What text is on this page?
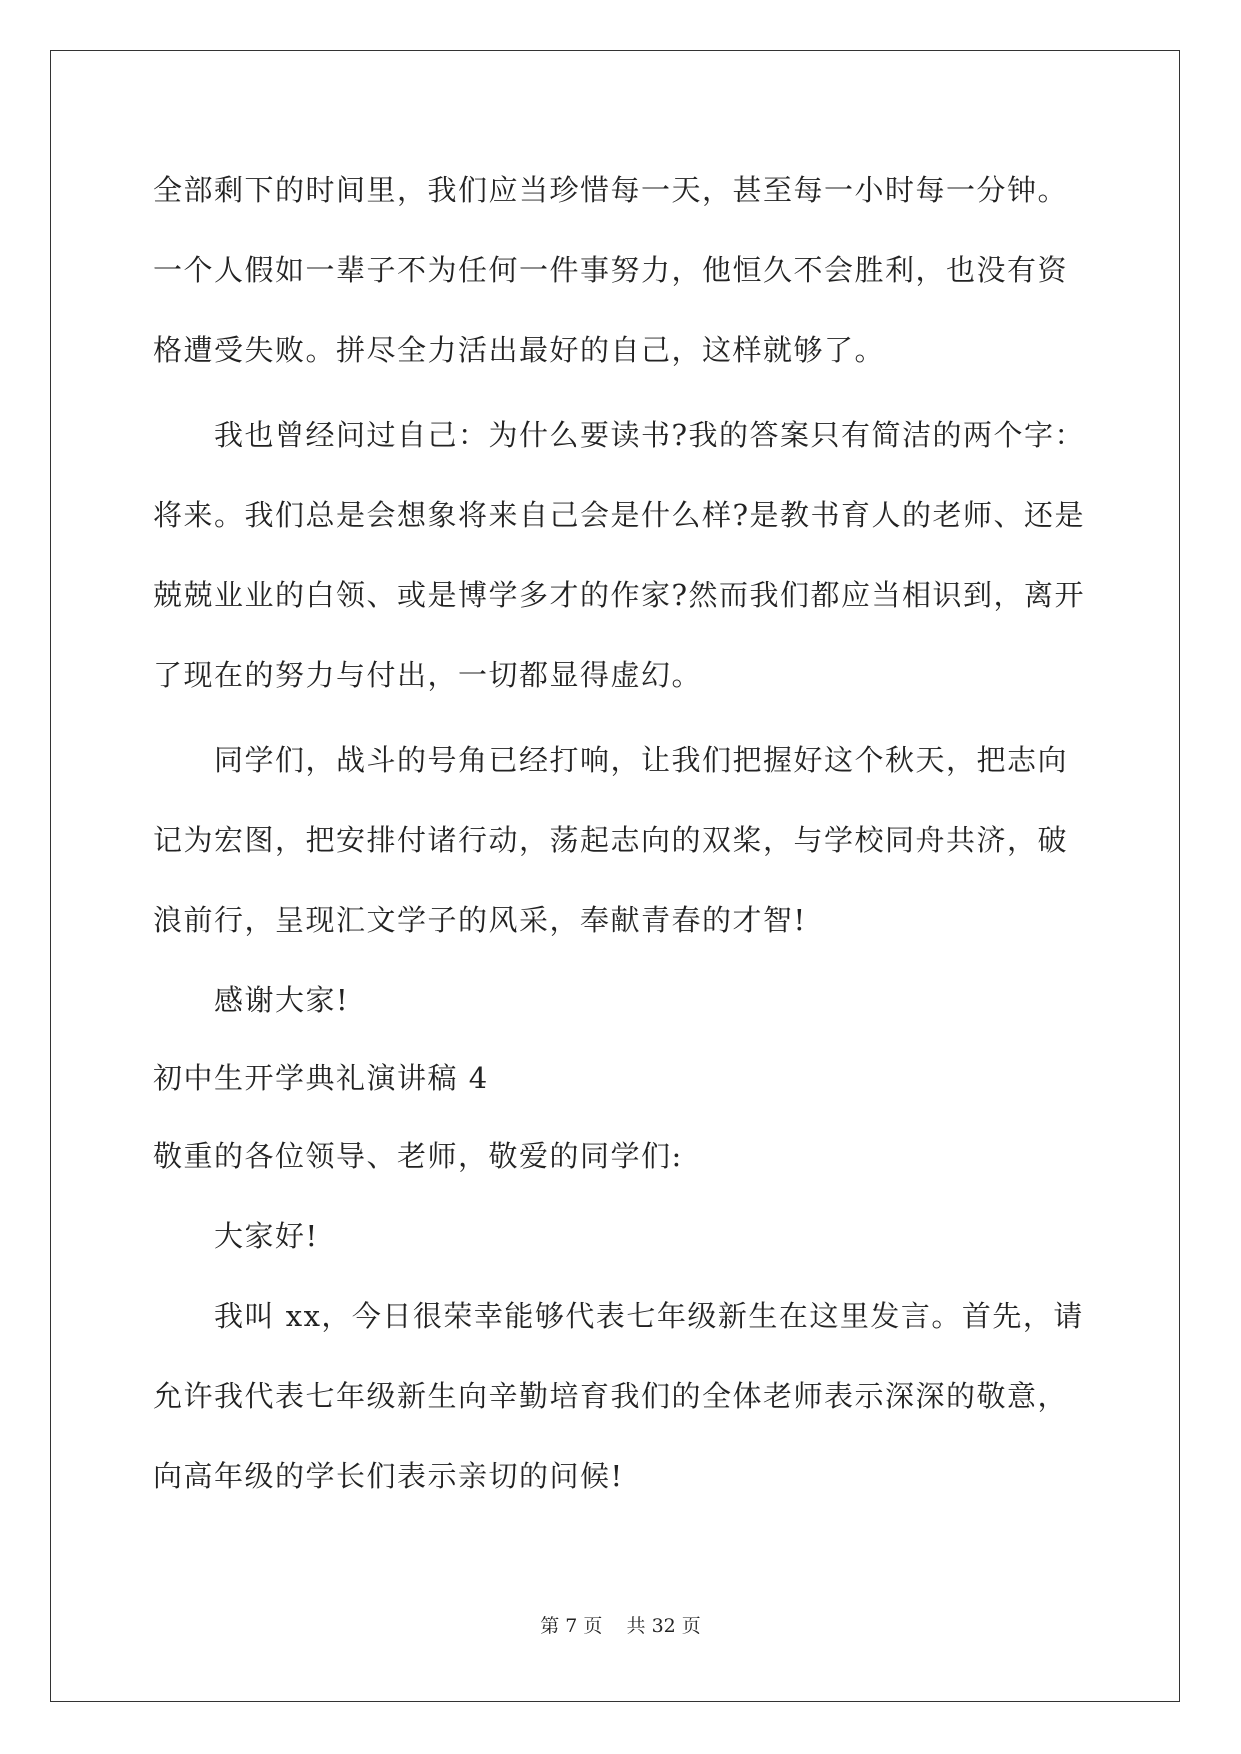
全部剩下的时间里，我们应当珍惜每一天，甚至每一小时每一分钟。
一个人假如一辈子不为任何一件事努力，他恒久不会胜利，也没有资
格遭受失败。拼尽全力活出最好的自己，这样就够了。
我也曾经问过自己：为什么要读书?我的答案只有简洁的两个字：
将来。我们总是会想象将来自己会是什么样?是教书育人的老师、还是
兢兢业业的白领、或是博学多才的作家?然而我们都应当相识到，离开
了现在的努力与付出，一切都显得虚幻。
同学们，战斗的号角已经打响，让我们把握好这个秋天，把志向
记为宏图，把安排付诸行动，荡起志向的双桨，与学校同舟共济，破
浪前行，呈现汇文学子的风采，奉献青春的才智!
感谢大家!
初中生开学典礼演讲稿 4
敬重的各位领导、老师，敬爱的同学们:
大家好!
我叫 xx，今日很荣幸能够代表七年级新生在这里发言。首先，请
允许我代表七年级新生向辛勤培育我们的全体老师表示深深的敬意，
向高年级的学长们表示亲切的问候!
第 7 页    共 32 页
